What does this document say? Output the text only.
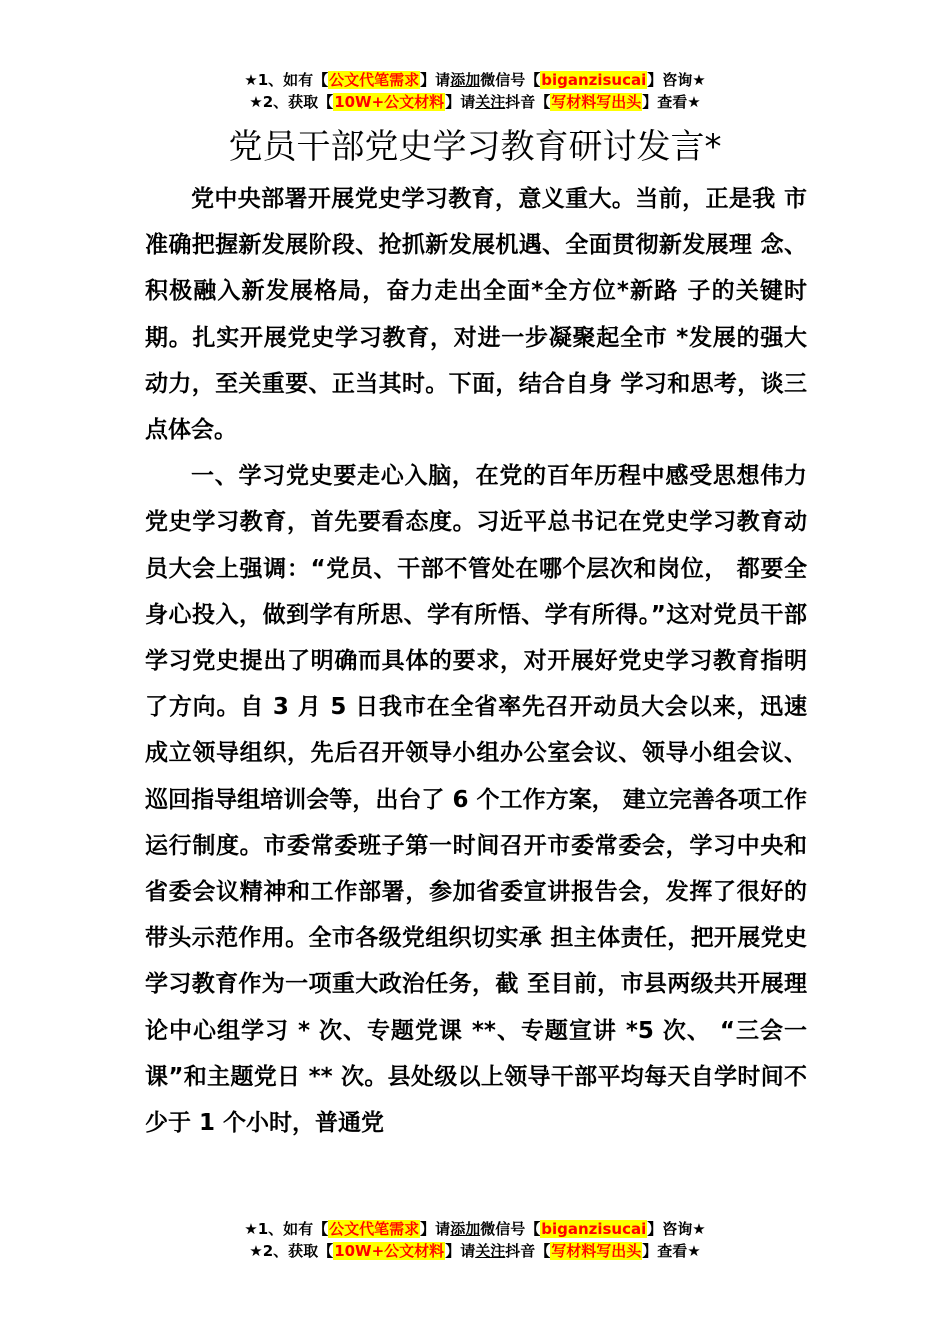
★1、如有【公文代笔需求】请添加微信号【biganzisucai】咨询★
★2、获取【10W+公文材料】请关注抖音【写材料写出头】查看★
党员干部党史学习教育研讨发言*

党中央部署开展党史学习教育，意义重大。当前，正是我 市准确把握新发展阶段、抢抓新发展机遇、全面贯彻新发展理 念、积极融入新发展格局，奋力走出全面*全方位*新路 子的关键时期。扎实开展党史学习教育，对进一步凝聚起全市 *发展的强大动力，至关重要、正当其时。下面，结合自身 学习和思考，谈三点体会。

一、学习党史要走心入脑，在党的百年历程中感受思想伟力党史学习教育，首先要看态度。习近平总书记在党史学习教育动员大会上强调：“党员、干部不管处在哪个层次和岗位， 都要全身心投入，做到学有所思、学有所悟、学有所得。”这对党员干部学习党史提出了明确而具体的要求，对开展好党史学习教育指明了方向。自 3 月 5 日我市在全省率先召开动员大会以来，迅速成立领导组织，先后召开领导小组办公室会议、领导小组会议、巡回指导组培训会等，出台了 6 个工作方案， 建立完善各项工作运行制度。市委常委班子第一时间召开市委常委会，学习中央和省委会议精神和工作部署，参加省委宣讲报告会，发挥了很好的带头示范作用。全市各级党组织切实承 担主体责任，把开展党史学习教育作为一项重大政治任务，截 至目前，市县两级共开展理论中心组学习 * 次、专题党课 **、专题宣讲 *5 次、 “三会一课”和主题党日 ** 次。县处级以上领导干部平均每天自学时间不少于 1 个小时，普通党

★1、如有【公文代笔需求】请添加微信号【biganzisucai】咨询★
★2、获取【10W+公文材料】请关注抖音【写材料写出头】查看★
